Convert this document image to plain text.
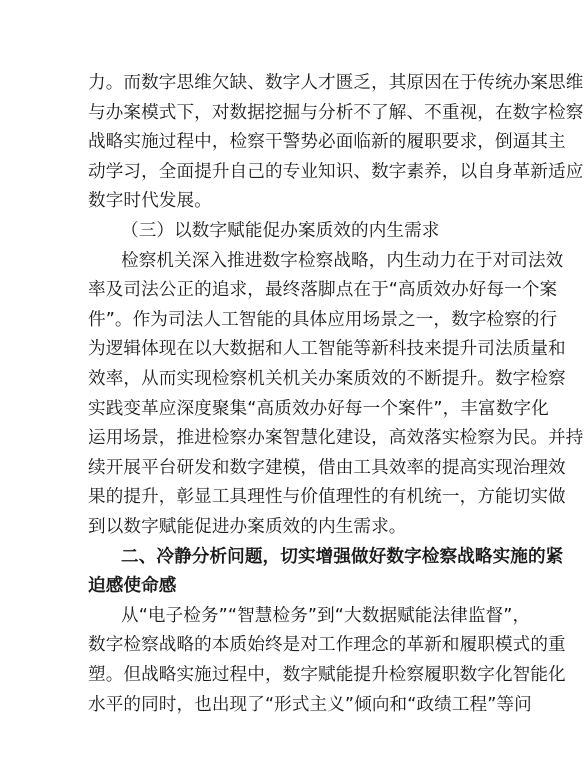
力。而数字思维欠缺、数字人才匮乏，其原因在于传统办案思维
与办案模式下，对数据挖掘与分析不了解、不重视，在数字检察
战略实施过程中，检察干警势必面临新的履职要求，倒逼其主
动学习，全面提升自己的专业知识、数字素养，以自身革新适应
数字时代发展。
（三）以数字赋能促办案质效的内生需求
检察机关深入推进数字检察战略，内生动力在于对司法效
率及司法公正的追求，最终落脚点在于“高质效办好每一个案
件”。作为司法人工智能的具体应用场景之一，数字检察的行
为逻辑体现在以大数据和人工智能等新科技来提升司法质量和
效率，从而实现检察机关机关办案质效的不断提升。数字检察
实践变革应深度聚集“高质效办好每一个案件”，丰富数字化
运用场景，推进检察办案智慧化建设，高效落实检察为民。并持
续开展平台研发和数字建模，借由工具效率的提高实现治理效
果的提升，彰显工具理性与价值理性的有机统一，方能切实做
到以数字赋能促进办案质效的内生需求。
二、冷静分析问题，切实增强做好数字检察战略实施的紧
迫感使命感
从“电子检务”“智慧检务”到“大数据赋能法律监督”，
数字检察战略的本质始终是对工作理念的革新和履职模式的重
塑。但战略实施过程中，数字赋能提升检察履职数字化智能化
水平的同时，也出现了“形式主义”倾向和“政绩工程”等问
